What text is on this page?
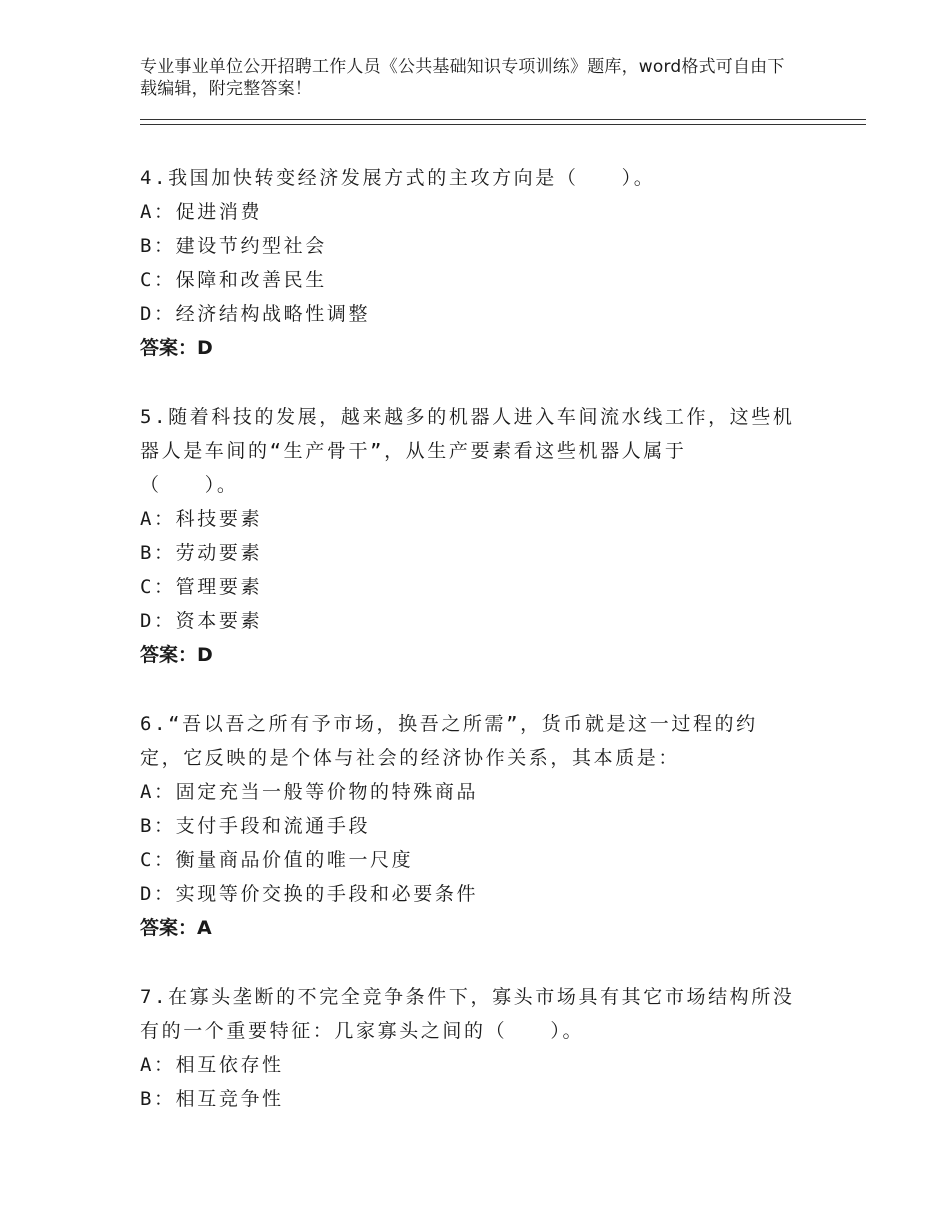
专业事业单位公开招聘工作人员《公共基础知识专项训练》题库，word格式可自由下载编辑，附完整答案！

4.我国加快转变经济发展方式的主攻方向是（　　）。

A： 促进消费
B： 建设节约型社会
C： 保障和改善民生
D： 经济结构战略性调整

答案：D

5.随着科技的发展，越来越多的机器人进入车间流水线工作，这些机

器人是车间的“生产骨干”，从生产要素看这些机器人属于

（　　）。

A： 科技要素
B： 劳动要素
C： 管理要素
D： 资本要素

答案：D

6.“吾以吾之所有予市场，换吾之所需”，货币就是这一过程的约

定，它反映的是个体与社会的经济协作关系，其本质是：

A： 固定充当一般等价物的特殊商品
B： 支付手段和流通手段
C： 衡量商品价值的唯一尺度
D： 实现等价交换的手段和必要条件

答案：A

7.在寡头垄断的不完全竞争条件下，寡头市场具有其它市场结构所没

有的一个重要特征：几家寡头之间的（　　）。

A： 相互依存性
B： 相互竞争性
